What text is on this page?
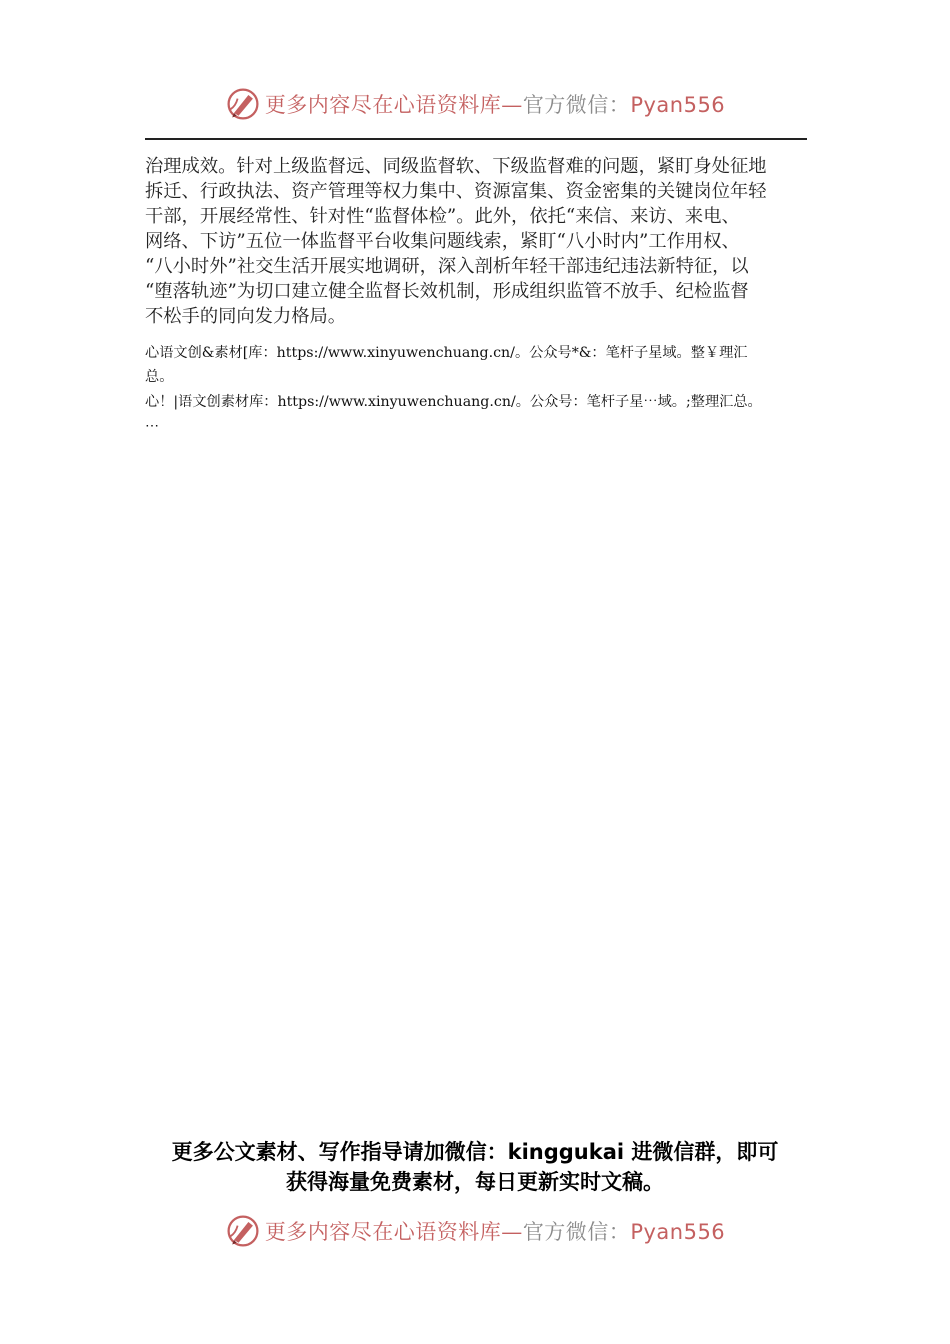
更多内容尽在心语资料库—官方微信：Pyan556

治理成效。针对上级监督远、同级监督软、下级监督难的问题，紧盯身处征地
拆迁、行政执法、资产管理等权力集中、资源富集、资金密集的关键岗位年轻
干部，开展经常性、针对性“监督体检”。此外，依托“来信、来访、来电、
网络、下访”五位一体监督平台收集问题线索，紧盯“八小时内”工作用权、
“八小时外”社交生活开展实地调研，深入剖析年轻干部违纪违法新特征，以
“堕落轨迹”为切口建立健全监督长效机制，形成组织监管不放手、纪检监督
不松手的同向发力格局。

心语文创&素材[库：https://www.xinyuwenchuang.cn/。公众号*&：笔杆子星域。整￥理汇
总。

心！|语文创素材库：https://www.xinyuwenchuang.cn/。公众号：笔杆子星⋯域。;整理汇总。
⋯

更多公文素材、写作指导请加微信：kinggukai 进微信群，即可
获得海量免费素材，每日更新实时文稿。
更多内容尽在心语资料库—官方微信：Pyan556
